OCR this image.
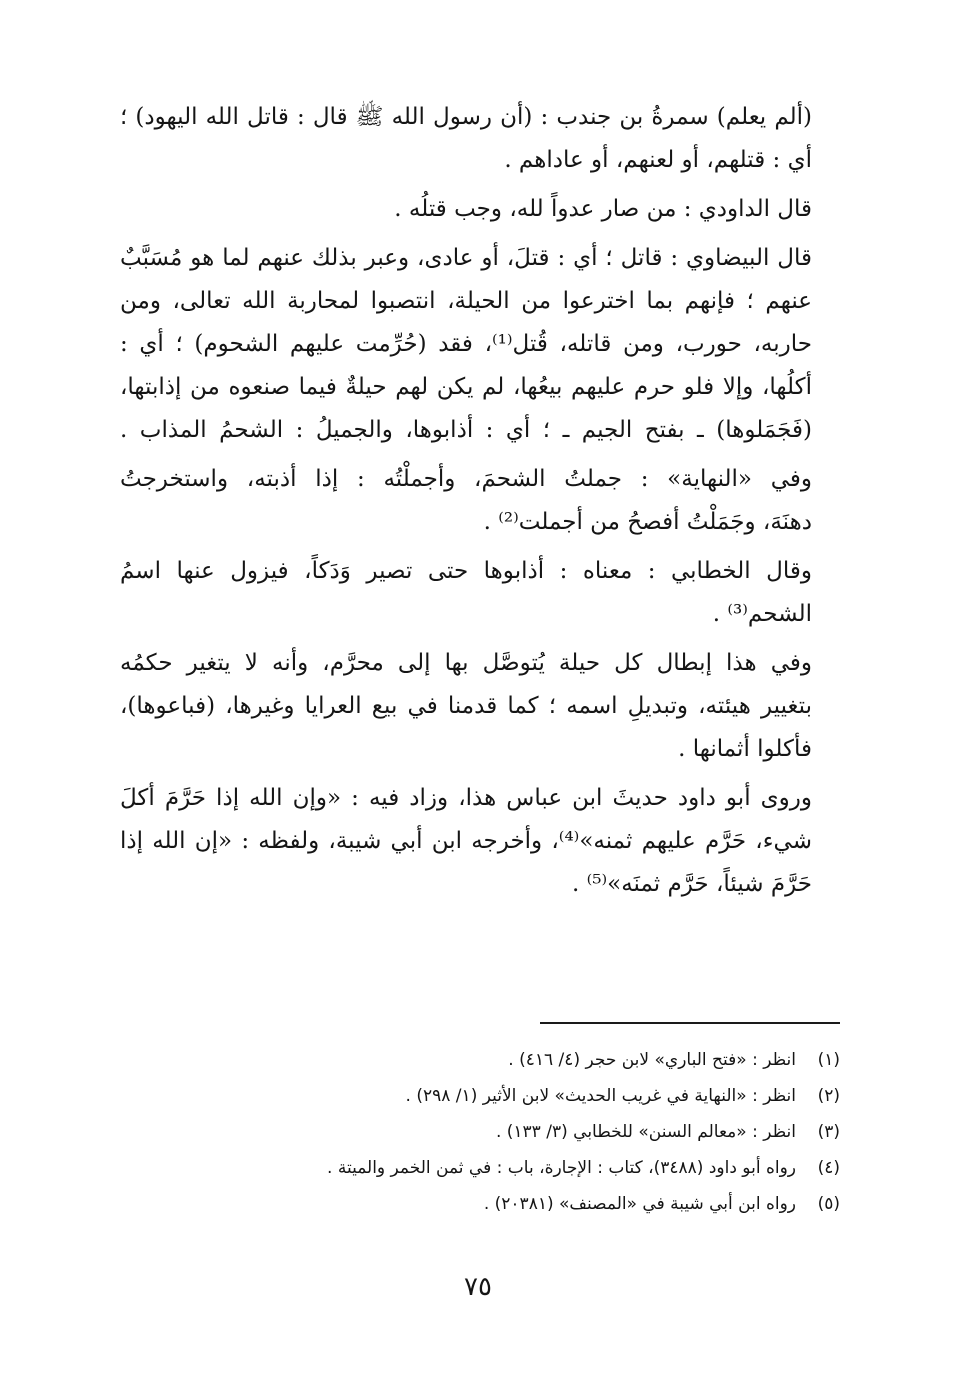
(ألم يعلم) سمرةُ بن جندب : (أن رسول الله ﷺ قال : قاتل الله اليهود) ؛
أي : قتلهم، أو لعنهم، أو عاداهم .

قال الداودي : من صار عدواً لله، وجب قتلُه .

قال البيضاوي : قاتل ؛ أي : قتلَ، أو عادى، وعبر بذلك عنهم لما هو مُسَبَّبٌ
عنهم ؛ فإنهم بما اخترعوا من الحيلة، انتصبوا لمحاربة الله تعالى، ومن
حاربه، حورب، ومن قاتله، قُتل⁽¹⁾، فقد (حُرِّمت عليهم الشحوم) ؛ أي :
أكلُها، وإلا فلو حرم عليهم بيعُها، لم يكن لهم حيلةٌ فيما صنعوه من إذابتها،
(فَجَمَلوها) ـ بفتح الجيم ـ ؛ أي : أذابوها، والجميلُ : الشحمُ المذاب .

وفي «النهاية» : جملتُ الشحمَ، وأجملْتُه : إذا أذبته، واستخرجتُ
دهنَهَ، وجَمَلْتُ أفصحُ من أجملت⁽²⁾ .

وقال الخطابي : معناه : أذابوها حتى تصير وَدَكاً، فيزول عنها اسمُ
الشحم⁽³⁾ .

وفي هذا إبطال كل حيلة يُتوصَّل بها إلى محرَّم، وأنه لا يتغير حكمُه
بتغيير هيئته، وتبديلِ اسمه ؛ كما قدمنا في بيع العرايا وغيرها، (فباعوها)،
فأكلوا أثمانها .

وروى أبو داود حديثَ ابن عباس هذا، وزاد فيه : «وإن الله إذا حَرَّمَ أكلَ
شيء، حَرَّم عليهم ثمنه»⁽⁴⁾، وأخرجه ابن أبي شيبة، ولفظه : «إن الله إذا
حَرَّمَ شيئاً، حَرَّم ثمنَه»⁽⁵⁾ .

(١)انظر : «فتح الباري» لابن حجر (٤/ ٤١٦) .
(٢)انظر : «النهاية في غريب الحديث» لابن الأثير (١/ ٢٩٨) .
(٣)انظر : «معالم السنن» للخطابي (٣/ ١٣٣) .
(٤)رواه أبو داود (٣٤٨٨)، كتاب : الإجارة، باب : في ثمن الخمر والميتة .
(٥)رواه ابن أبي شيبة في «المصنف» (٢٠٣٨١) .
٧٥
